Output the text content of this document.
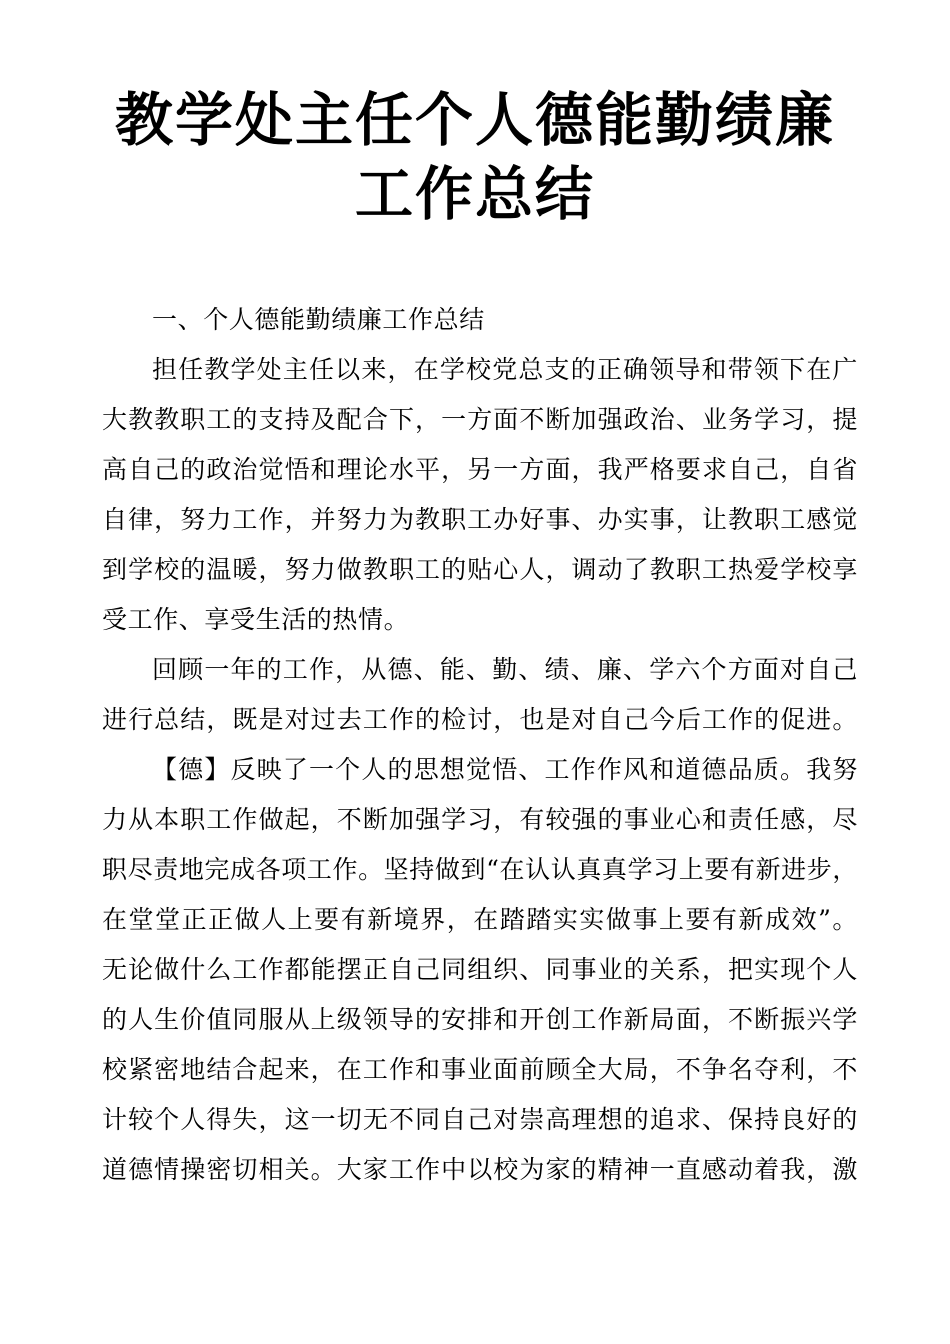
教学处主任个人德能勤绩廉
工作总结
一、个人德能勤绩廉工作总结
担任教学处主任以来，在学校党总支的正确领导和带领下在广
大教教职工的支持及配合下，一方面不断加强政治、业务学习，提
高自己的政治觉悟和理论水平，另一方面，我严格要求自己，自省
自律，努力工作，并努力为教职工办好事、办实事，让教职工感觉
到学校的温暖，努力做教职工的贴心人，调动了教职工热爱学校享
受工作、享受生活的热情。
回顾一年的工作，从德、能、勤、绩、廉、学六个方面对自己
进行总结，既是对过去工作的检讨，也是对自己今后工作的促进。
【德】反映了一个人的思想觉悟、工作作风和道德品质。我努
力从本职工作做起，不断加强学习，有较强的事业心和责任感，尽
职尽责地完成各项工作。坚持做到“在认认真真学习上要有新进步，
在堂堂正正做人上要有新境界，在踏踏实实做事上要有新成效”。
无论做什么工作都能摆正自己同组织、同事业的关系，把实现个人
的人生价值同服从上级领导的安排和开创工作新局面，不断振兴学
校紧密地结合起来，在工作和事业面前顾全大局，不争名夺利，不
计较个人得失，这一切无不同自己对崇高理想的追求、保持良好的
道德情操密切相关。大家工作中以校为家的精神一直感动着我，激
